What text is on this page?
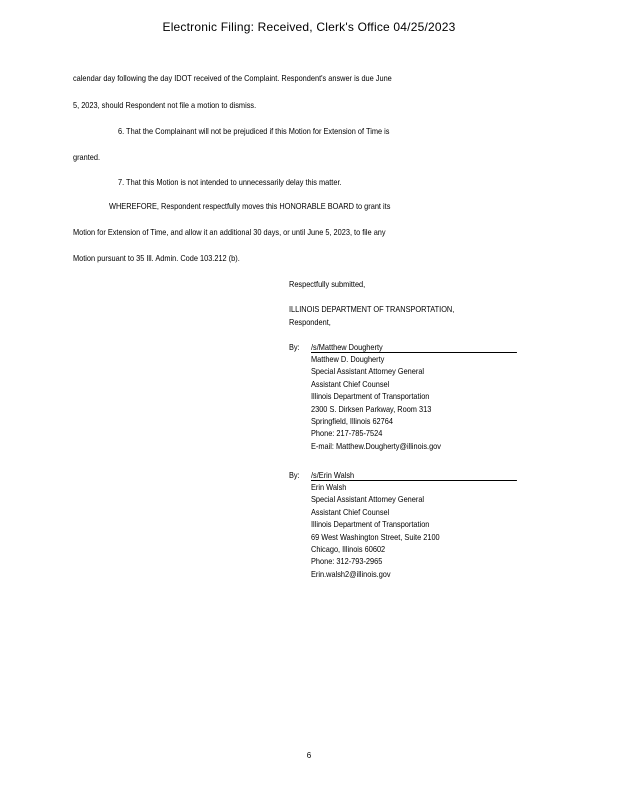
Electronic Filing: Received, Clerk's Office 04/25/2023
calendar day following the day IDOT received of the Complaint. Respondent's answer is due June
5, 2023, should Respondent not file a motion to dismiss.
6. That the Complainant will not be prejudiced if this Motion for Extension of Time is
granted.
7. That this Motion is not intended to unnecessarily delay this matter.
WHEREFORE, Respondent respectfully moves this HONORABLE BOARD to grant its
Motion for Extension of Time, and allow it an additional 30 days, or until June 5, 2023, to file any
Motion pursuant to 35 Ill. Admin. Code 103.212 (b).
Respectfully submitted,
ILLINOIS DEPARTMENT OF TRANSPORTATION,
Respondent,
By: /s/Matthew Dougherty
Matthew D. Dougherty
Special Assistant Attorney General
Assistant Chief Counsel
Illinois Department of Transportation
2300 S. Dirksen Parkway, Room 313
Springfield, Illinois 62764
Phone: 217-785-7524
E-mail: Matthew.Dougherty@illinois.gov
By: /s/Erin Walsh
Erin Walsh
Special Assistant Attorney General
Assistant Chief Counsel
Illinois Department of Transportation
69 West Washington Street, Suite 2100
Chicago, Illinois 60602
Phone: 312-793-2965
Erin.walsh2@illinois.gov
6
